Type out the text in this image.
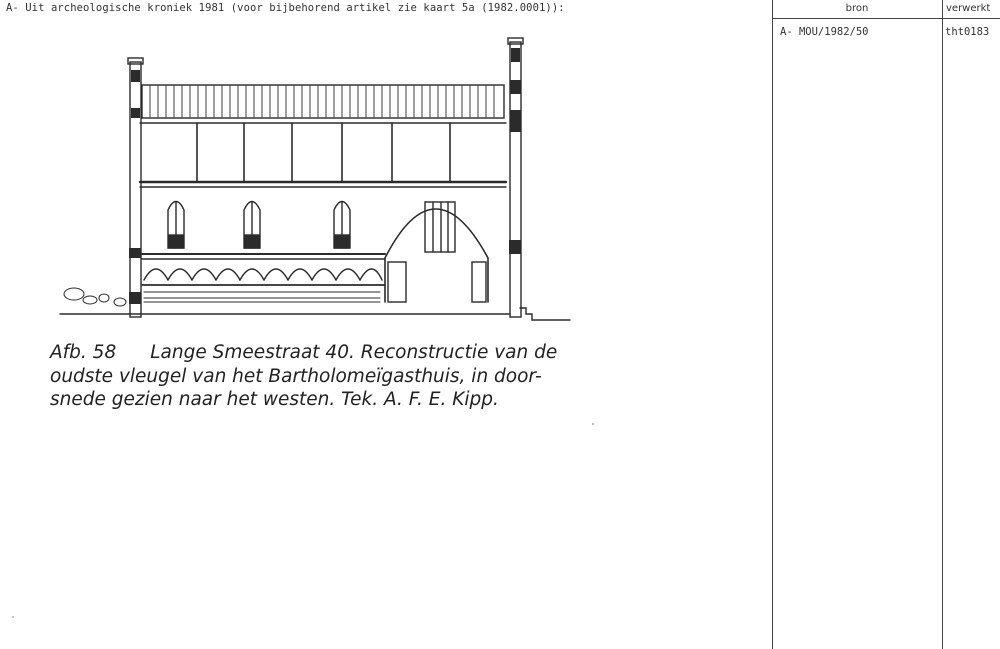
A- Uit archeologische kroniek 1981 (voor bijbehorend artikel zie kaart 5a (1982.0001)):
Afb. 58 Lange Smeestraat 40. Reconstructie van de
oudste vleugel van het Bartholomeïgasthuis, in door-
snede gezien naar het westen. Tek. A. F. E. Kipp.
bron	verwerkt
A- MOU/1982/50	tht0183
